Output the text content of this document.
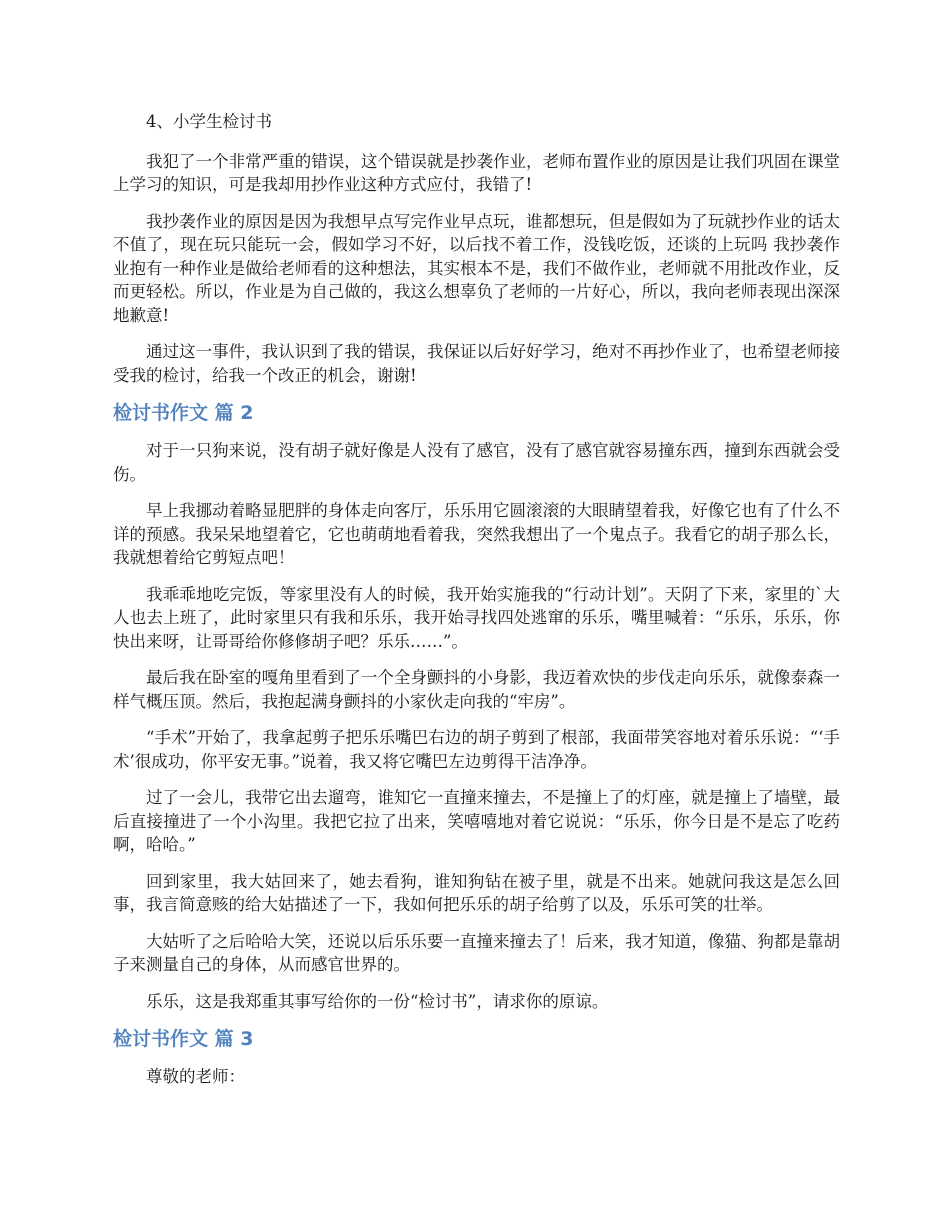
4、小学生检讨书

我犯了一个非常严重的错误，这个错误就是抄袭作业，老师布置作业的原因是让我们巩固在课堂上学习的知识，可是我却用抄作业这种方式应付，我错了!

我抄袭作业的原因是因为我想早点写完作业早点玩，谁都想玩，但是假如为了玩就抄作业的话太不值了，现在玩只能玩一会，假如学习不好，以后找不着工作，没钱吃饭，还谈的上玩吗 我抄袭作业抱有一种作业是做给老师看的这种想法，其实根本不是，我们不做作业，老师就不用批改作业，反而更轻松。所以，作业是为自己做的，我这么想辜负了老师的一片好心，所以，我向老师表现出深深地歉意!

通过这一事件，我认识到了我的错误，我保证以后好好学习，绝对不再抄作业了，也希望老师接受我的检讨，给我一个改正的机会，谢谢!

检讨书作文 篇 2

对于一只狗来说，没有胡子就好像是人没有了感官，没有了感官就容易撞东西，撞到东西就会受伤。

早上我挪动着略显肥胖的身体走向客厅，乐乐用它圆滚滚的大眼睛望着我，好像它也有了什么不详的预感。我呆呆地望着它，它也萌萌地看着我，突然我想出了一个鬼点子。我看它的胡子那么长，我就想着给它剪短点吧！

我乖乖地吃完饭，等家里没有人的时候，我开始实施我的“行动计划”。天阴了下来，家里的`大人也去上班了，此时家里只有我和乐乐，我开始寻找四处逃窜的乐乐，嘴里喊着：“乐乐，乐乐，你快出来呀，让哥哥给你修修胡子吧？乐乐……”。

最后我在卧室的嘎角里看到了一个全身颤抖的小身影，我迈着欢快的步伐走向乐乐，就像泰森一样气概压顶。然后，我抱起满身颤抖的小家伙走向我的“牢房”。

“手术”开始了，我拿起剪子把乐乐嘴巴右边的胡子剪到了根部，我面带笑容地对着乐乐说：“‘手术’很成功，你平安无事。”说着，我又将它嘴巴左边剪得干洁净净。

过了一会儿，我带它出去遛弯，谁知它一直撞来撞去，不是撞上了的灯座，就是撞上了墙壁，最后直接撞进了一个小沟里。我把它拉了出来，笑嘻嘻地对着它说说：“乐乐，你今日是不是忘了吃药啊，哈哈。”

回到家里，我大姑回来了，她去看狗，谁知狗钻在被子里，就是不出来。她就问我这是怎么回事，我言简意赅的给大姑描述了一下，我如何把乐乐的胡子给剪了以及，乐乐可笑的壮举。

大姑听了之后哈哈大笑，还说以后乐乐要一直撞来撞去了！后来，我才知道，像猫、狗都是靠胡子来测量自己的身体，从而感官世界的。

乐乐，这是我郑重其事写给你的一份“检讨书”，请求你的原谅。

检讨书作文 篇 3

尊敬的老师：
